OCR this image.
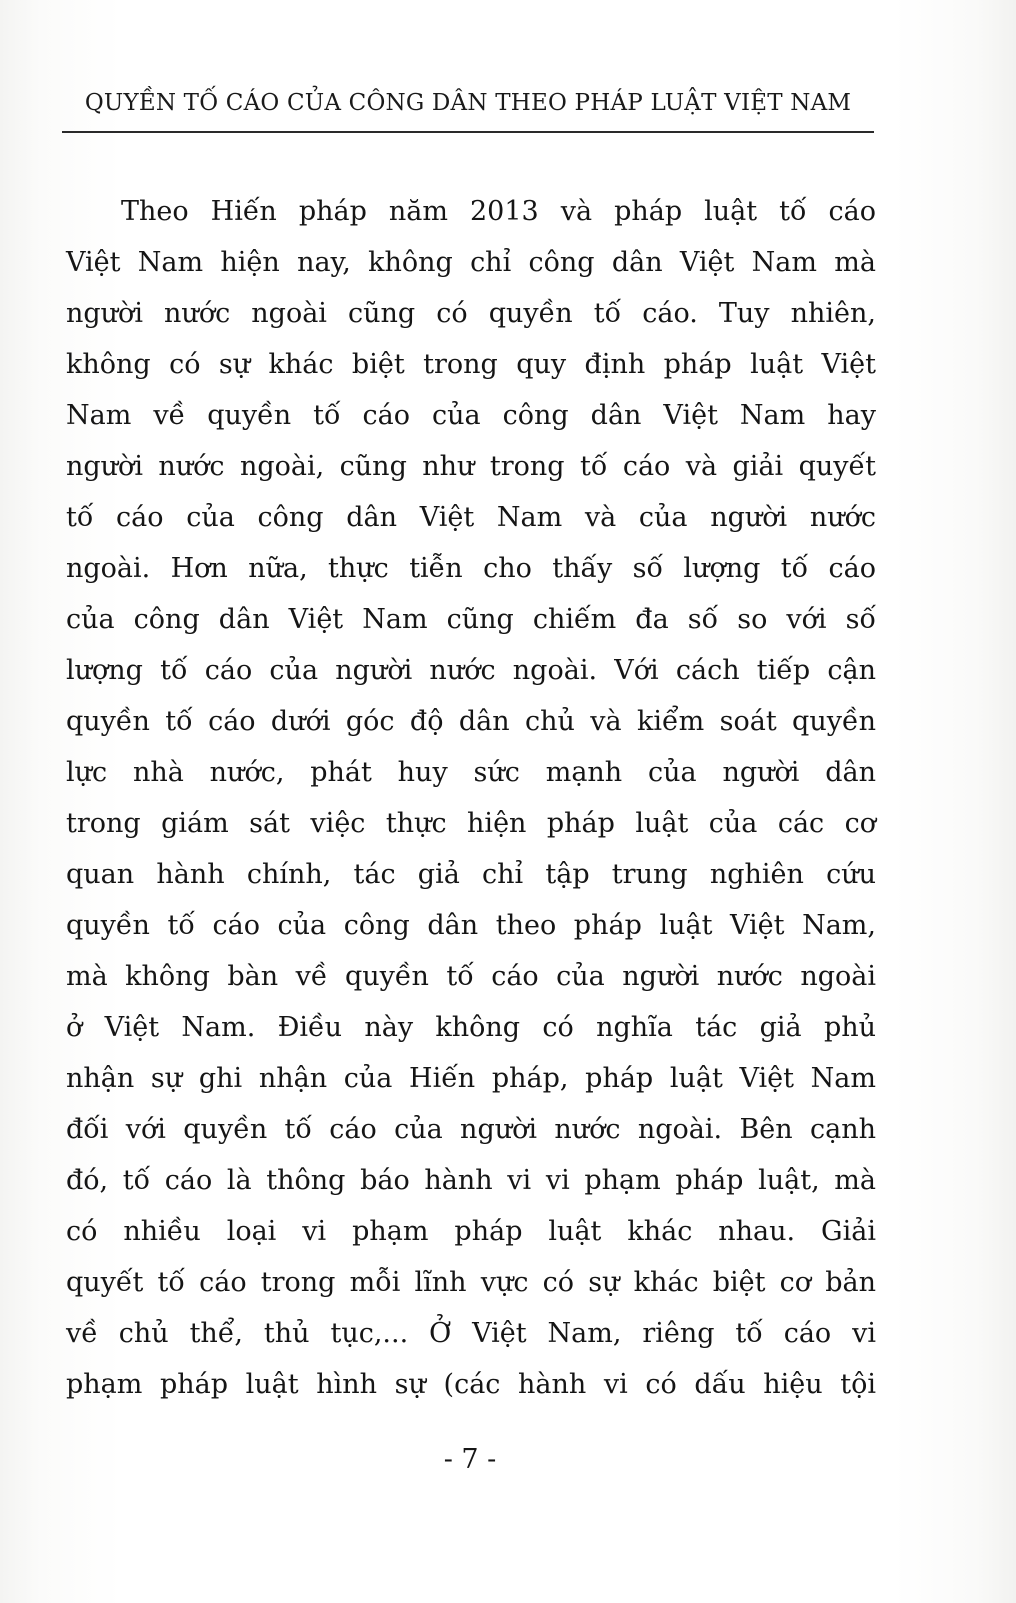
QUYỀN TỐ CÁO CỦA CÔNG DÂN THEO PHÁP LUẬT VIỆT NAM
Theo Hiến pháp năm 2013 và pháp luật tố cáo
Việt Nam hiện nay, không chỉ công dân Việt Nam mà
người nước ngoài cũng có quyền tố cáo. Tuy nhiên,
không có sự khác biệt trong quy định pháp luật Việt
Nam về quyền tố cáo của công dân Việt Nam hay
người nước ngoài, cũng như trong tố cáo và giải quyết
tố cáo của công dân Việt Nam và của người nước
ngoài. Hơn nữa, thực tiễn cho thấy số lượng tố cáo
của công dân Việt Nam cũng chiếm đa số so với số
lượng tố cáo của người nước ngoài. Với cách tiếp cận
quyền tố cáo dưới góc độ dân chủ và kiểm soát quyền
lực nhà nước, phát huy sức mạnh của người dân
trong giám sát việc thực hiện pháp luật của các cơ
quan hành chính, tác giả chỉ tập trung nghiên cứu
quyền tố cáo của công dân theo pháp luật Việt Nam,
mà không bàn về quyền tố cáo của người nước ngoài
ở Việt Nam. Điều này không có nghĩa tác giả phủ
nhận sự ghi nhận của Hiến pháp, pháp luật Việt Nam
đối với quyền tố cáo của người nước ngoài. Bên cạnh
đó, tố cáo là thông báo hành vi vi phạm pháp luật, mà
có nhiều loại vi phạm pháp luật khác nhau. Giải
quyết tố cáo trong mỗi lĩnh vực có sự khác biệt cơ bản
về chủ thể, thủ tục,... Ở Việt Nam, riêng tố cáo vi
phạm pháp luật hình sự (các hành vi có dấu hiệu tội
- 7 -
